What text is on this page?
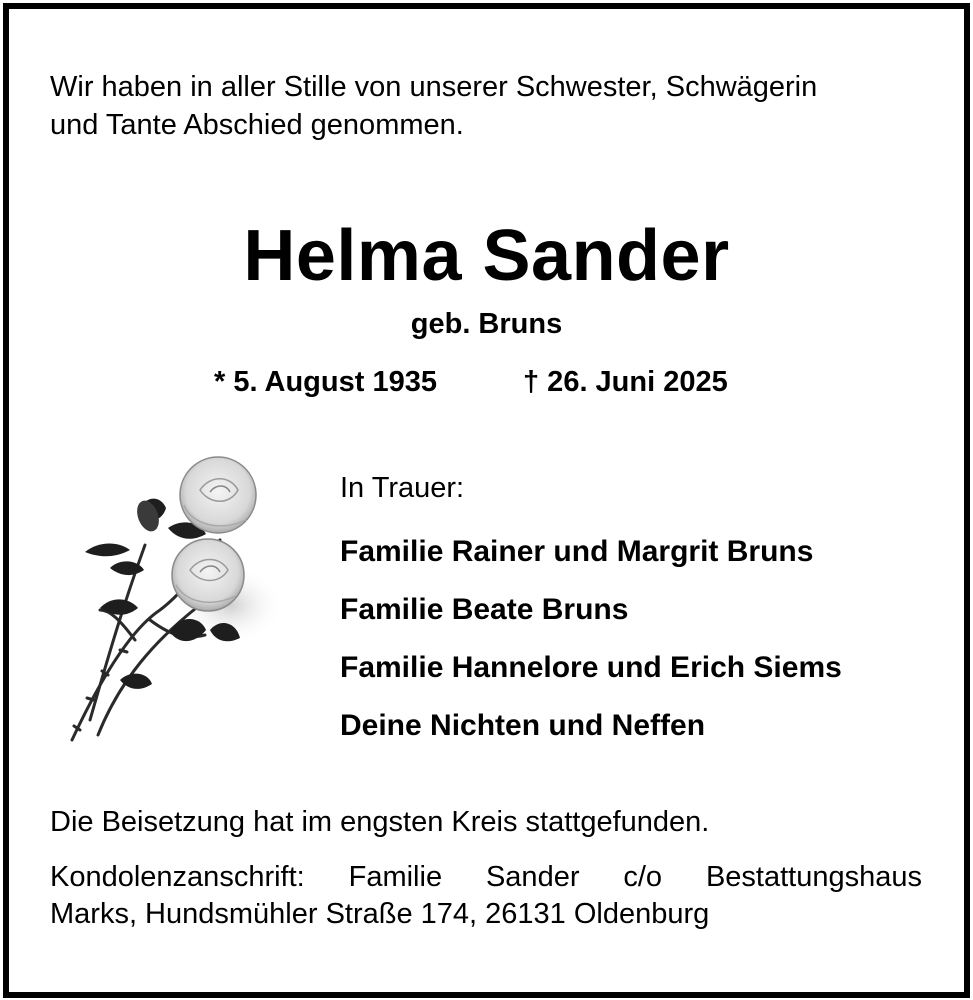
Wir haben in aller Stille von unserer Schwester, Schwägerin
und Tante Abschied genommen.
Helma Sander
geb. Bruns
* 5. August 1935	† 26. Juni 2025
In Trauer:
Familie Rainer und Margrit Bruns
Familie Beate Bruns
Familie Hannelore und Erich Siems
Deine Nichten und Neffen
Die Beisetzung hat im engsten Kreis stattgefunden.
Kondolenzanschrift: Familie Sander c/o Bestattungshaus
Marks, Hundsmühler Straße 174, 26131 Oldenburg
